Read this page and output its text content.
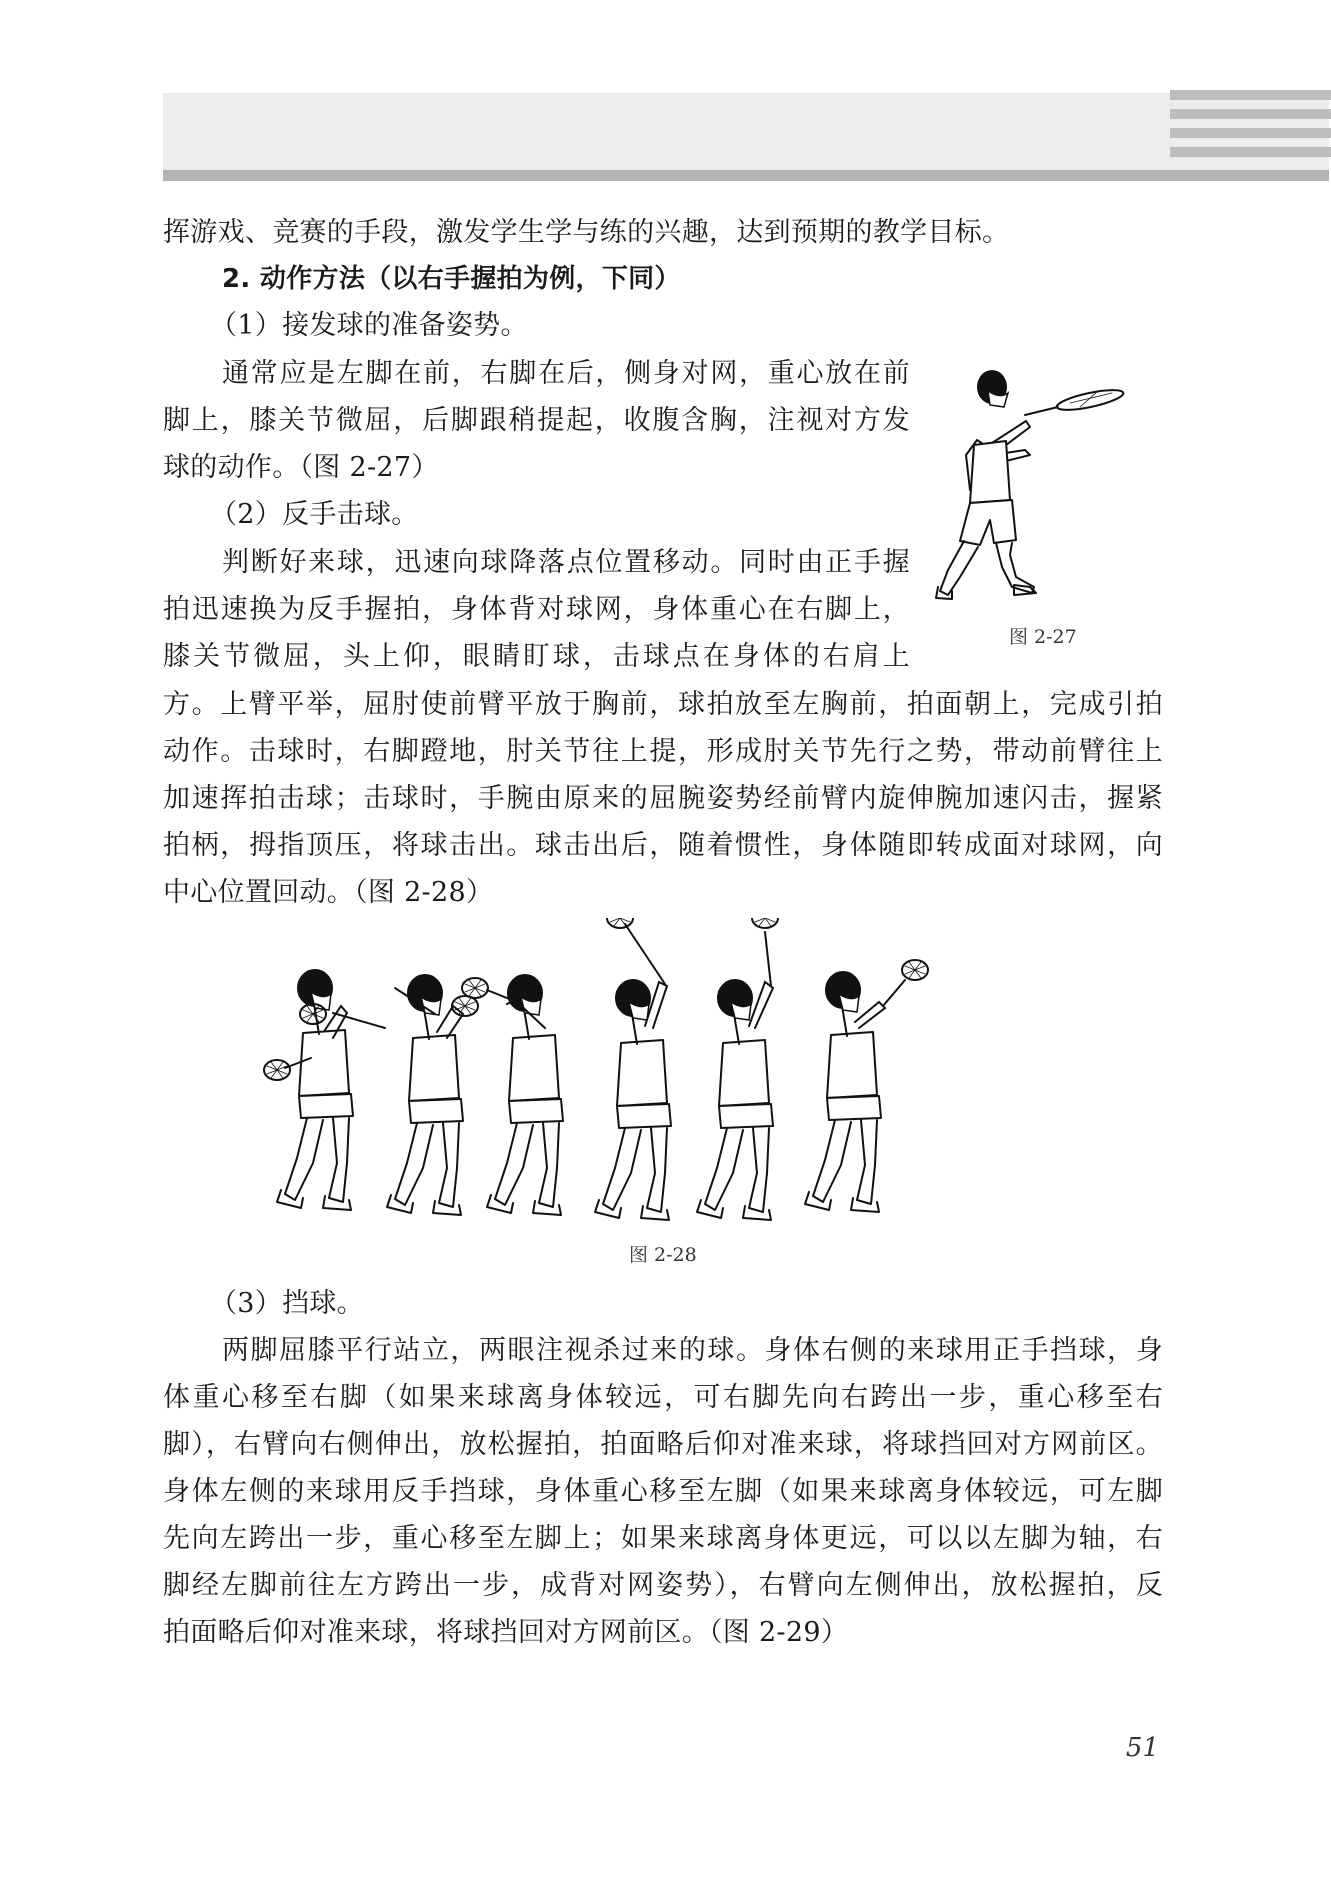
挥游戏、竞赛的手段，激发学生学与练的兴趣，达到预期的教学目标。
2. 动作方法（以右手握拍为例，下同）
（1）接发球的准备姿势。
通常应是左脚在前，右脚在后，侧身对网，重心放在前
脚上，膝关节微屈，后脚跟稍提起，收腹含胸，注视对方发
球的动作。（图 2-27）
（2）反手击球。
判断好来球，迅速向球降落点位置移动。同时由正手握
拍迅速换为反手握拍，身体背对球网，身体重心在右脚上，
膝关节微屈，头上仰，眼睛盯球，击球点在身体的右肩上
方。上臂平举，屈肘使前臂平放于胸前，球拍放至左胸前，拍面朝上，完成引拍
动作。击球时，右脚蹬地，肘关节往上提，形成肘关节先行之势，带动前臂往上
加速挥拍击球；击球时，手腕由原来的屈腕姿势经前臂内旋伸腕加速闪击，握紧
拍柄，拇指顶压，将球击出。球击出后，随着惯性，身体随即转成面对球网，向
中心位置回动。（图 2-28）
图 2-27
图 2-28
（3）挡球。
两脚屈膝平行站立，两眼注视杀过来的球。身体右侧的来球用正手挡球，身
体重心移至右脚（如果来球离身体较远，可右脚先向右跨出一步，重心移至右
脚），右臂向右侧伸出，放松握拍，拍面略后仰对准来球，将球挡回对方网前区。
身体左侧的来球用反手挡球，身体重心移至左脚（如果来球离身体较远，可左脚
先向左跨出一步，重心移至左脚上；如果来球离身体更远，可以以左脚为轴，右
脚经左脚前往左方跨出一步，成背对网姿势），右臂向左侧伸出，放松握拍，反
拍面略后仰对准来球，将球挡回对方网前区。（图 2-29）
51
